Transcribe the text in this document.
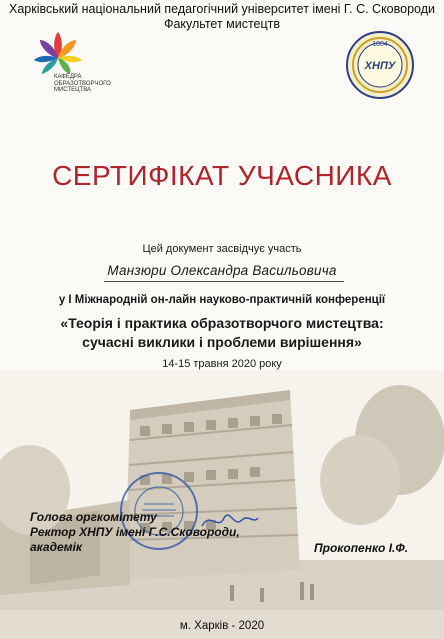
Харківський національний педагогічний університет імені Г. С. Сковороди
Факультет мистецтв
КАФЕДРА
ОБРАЗОТВОРЧОГО
МИСТЕЦТВА
1804
ХНПУ
СЕРТИФІКАТ УЧАСНИКА
Цей документ засвідчує участь
Манзюри Олександра Васильовича
у І Міжнародній он-лайн науково-практичній конференції
«Теорія і практика образотворчого мистецтва:
сучасні виклики і проблеми вирішення»
14-15 травня 2020 року
Голова оргкомітету
Ректор ХНПУ імені Г.С.Сковороди,
академік	Прокопенко І.Ф.
м. Харків - 2020
